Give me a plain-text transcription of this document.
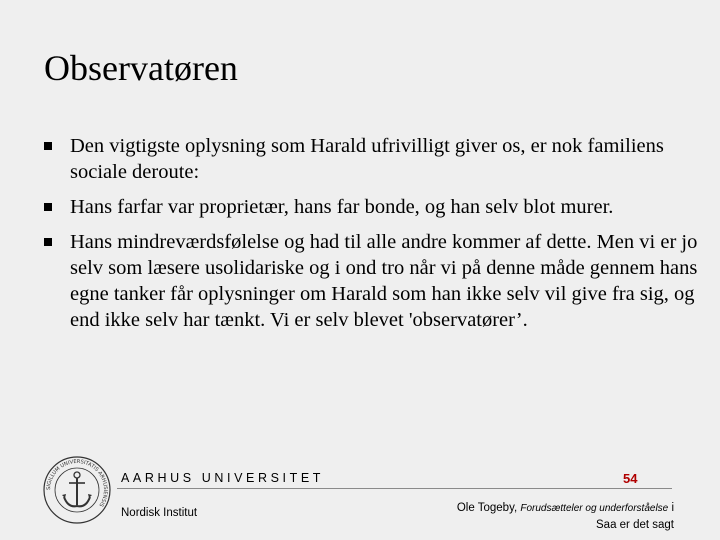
Observatøren
Den vigtigste oplysning som Harald ufrivilligt giver os, er nok familiens sociale deroute:
Hans farfar var proprietær, hans far bonde, og han selv blot murer.
Hans mindreværdsfølelse og had til alle andre kommer af dette. Men vi er jo selv som læsere usolidariske og i ond tro når vi på denne måde gennem hans egne tanker får oplysninger om Harald som han ikke selv vil give fra sig, og end ikke selv har tænkt. Vi er selv blevet 'observatører’.
SIGILLUM UNIVERSITATIS ARHUSIENSIS
AARHUS UNIVERSITET	54
Nordisk Institut	Ole Togeby, Forudsætteler og underforståelse i
Saa er det sagt
